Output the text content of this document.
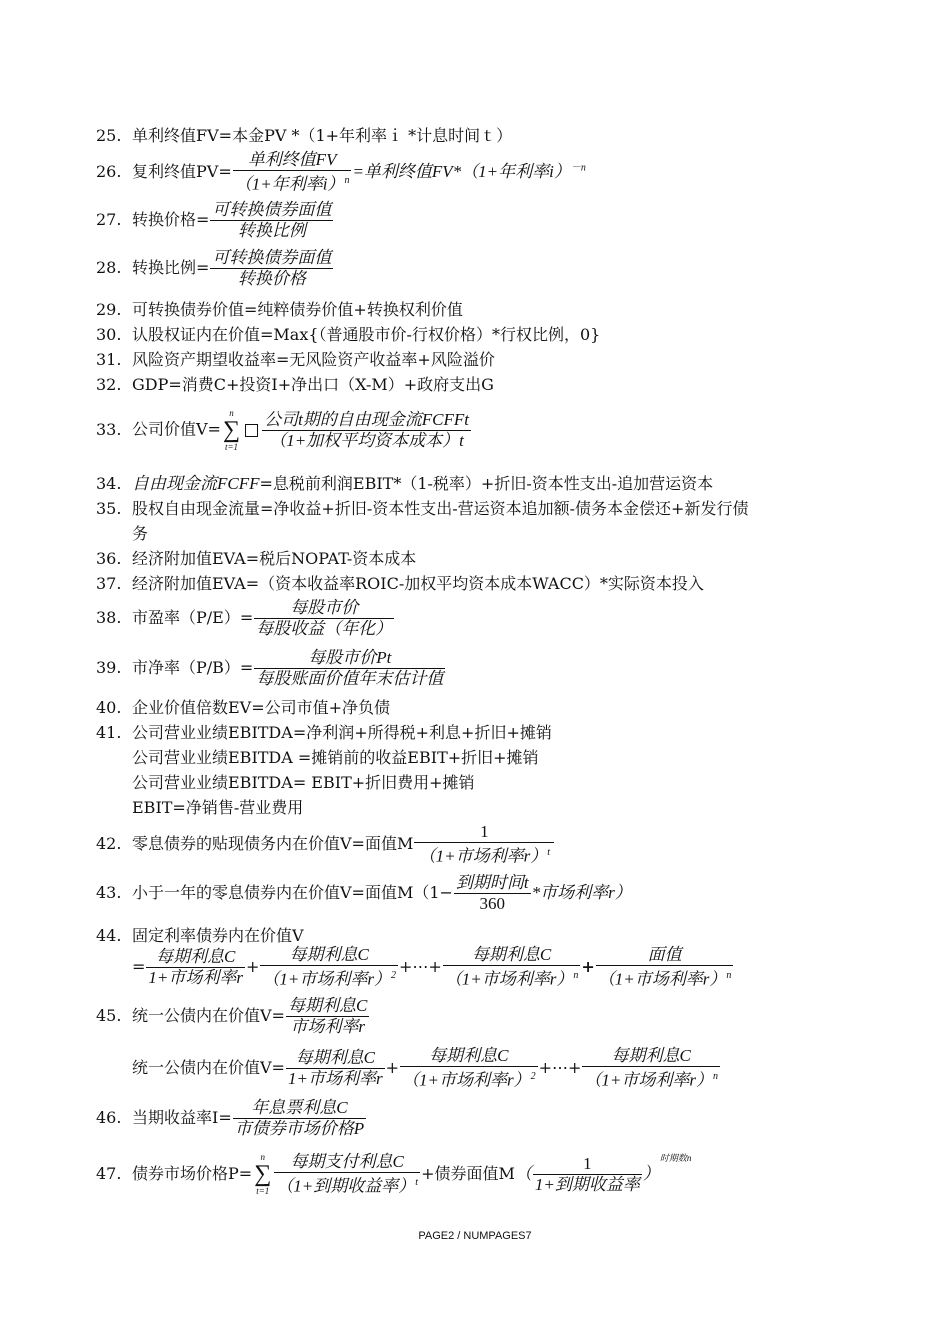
25. 单利终值FV=本金PV *（1+年利率ｉ *计息时间ｔ）
26. 复利终值$PV= \frac{\text{单利终值FV}}{(1+年利率i)^n}$ =单利终值FV*（1+年利率i）$^{-n}$
27. 转换价格= $\frac{\text{可转换债券面值}}{\text{转换比例}}$
28. 转换比例= $\frac{\text{可转换债券面值}}{\text{转换价格}}$
29. 可转换债券价值=纯粹债券价值+转换权利价值
30. 认股权证内在价值=Max{（普通股市价-行权价格）*行权比例，0}
31. 风险资产期望收益率=无风险资产收益率+风险溢价
32. GDP=消费C+投资I+净出口（X-M）+政府支出G
33. 公司价值V=n
∑
$t=1 \frac{\text{公司t期的自由现金流FCFFt}}{\text{（1+加权平均资本成本）t}}$
34. 自由现金流FCFF=息税前利润EBIT*（1-税率）+折旧-资本性支出-追加营运资本
35. 股权自由现金流量=净收益+折旧-资本性支出-营运资本追加额-债务本金偿还+新发行债
务
36. 经济附加值EVA=税后NOPAT-资本成本
37. 经济附加值EVA=（资本收益率ROIC-加权平均资本成本WACC）*实际资本投入
38. 市盈率$(P/E)= \frac{\text{每股市价}}{\text{每股收益（年化）}}$
39. 市净率$(P/B)= \frac{\text{每股市价Pt}}{\text{每股账面价值年末估计值}}$
40. 企业价值倍数EV=公司市值+净负债
41. 公司营业业绩EBITDA=净利润+所得税+利息+折旧+摊销
公司营业业绩EBITDA =摊销前的收益EBIT+折旧+摊销
公司营业业绩EBITDA= EBIT+折旧费用+摊销
EBIT=净销售-营业费用
42. 零息债券的贴现债务内在价值V=面值M $\frac{1}{(1+市场利率r)^t}$
43. 小于一年的零息债券内在价值V=面值$M(1- \frac{\text{到期时间t}}{360}$ *市场利率r）
44. 固定利率债券内在价值V
= $\frac{\text{每期利息C}}{\text{1+市场利率r}} + \frac{\text{每期利息C}}{(1+市场利率r)^2}$ +⋯+ $\frac{\text{每期利息C}}{(1+市场利率r)^n} + \frac{\text{面值}}{(1+市场利率r)^n}$
45. 统一公债内在价值$V= \frac{\text{每期利息C}}{\text{市场利率r}}$
统一公债内在价值$V= \frac{\text{每期利息C}}{\text{1+市场利率r}} + \frac{\text{每期利息C}}{(1+市场利率r)^2}$ +⋯+ $\frac{\text{每期利息C}}{(1+市场利率r)^n}$
46. 当期收益率$I= \frac{\text{年息票利息C}}{\text{市债券市场价格P}}$
47. 债券市场价格P=n
∑
$t=1 \frac{\text{每期支付利息C}}{(1+到期收益率)^t}$ +债券面值$M( \frac{1}{\text{1+到期收益率}} )^{时期数n}$
PAGE2 / NUMPAGES7
